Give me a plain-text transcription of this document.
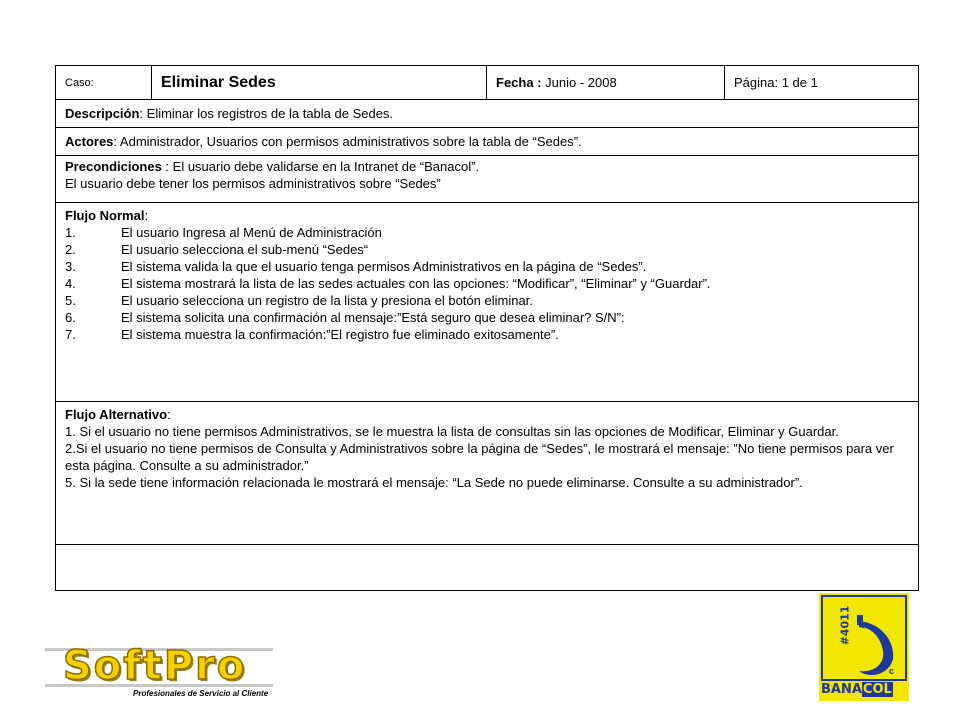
Caso:	Eliminar Sedes	Fecha : Junio - 2008	Página: 1 de 1
Descripción: Eliminar los registros de la tabla de Sedes.
Actores: Administrador, Usuarios con permisos administrativos sobre la tabla de “Sedes”.
Precondiciones : El usuario debe validarse en la Intranet de “Banacol”.
El usuario debe tener los permisos administrativos sobre “Sedes”
Flujo Normal:
1.	El usuario Ingresa al Menú de Administración
2.	El usuario selecciona el sub-menú “Sedes“
3.	El sistema valida la que el usuario tenga permisos Administrativos en la página de “Sedes”.
4.	El sistema mostrará la lista de las sedes actuales con las opciones: “Modificar”, “Eliminar” y “Guardar”.
5.	El usuario selecciona un registro de la lista y presiona el botón eliminar.
6.	El sistema solicita una confirmación al mensaje:”Está seguro que desea eliminar? S/N”:
7.	El sistema muestra la confirmación:”El registro fue eliminado exitosamente”.

Flujo Alternativo:
1. Si el usuario no tiene permisos Administrativos, se le muestra la lista de consultas sin las opciones de Modificar, Eliminar y Guardar.
2.Si el usuario no tiene permisos de Consulta y Administrativos sobre la página de “Sedes”, le mostrará el mensaje: ”No tiene permisos para ver esta página. Consulte a su administrador.”
5. Si la sede tiene información relacionada le mostrará el mensaje: “La Sede no puede eliminarse. Consulte a su administrador”.

SoftPro
Profesionales de Servicio al Cliente
#4011
c
BANACOL
